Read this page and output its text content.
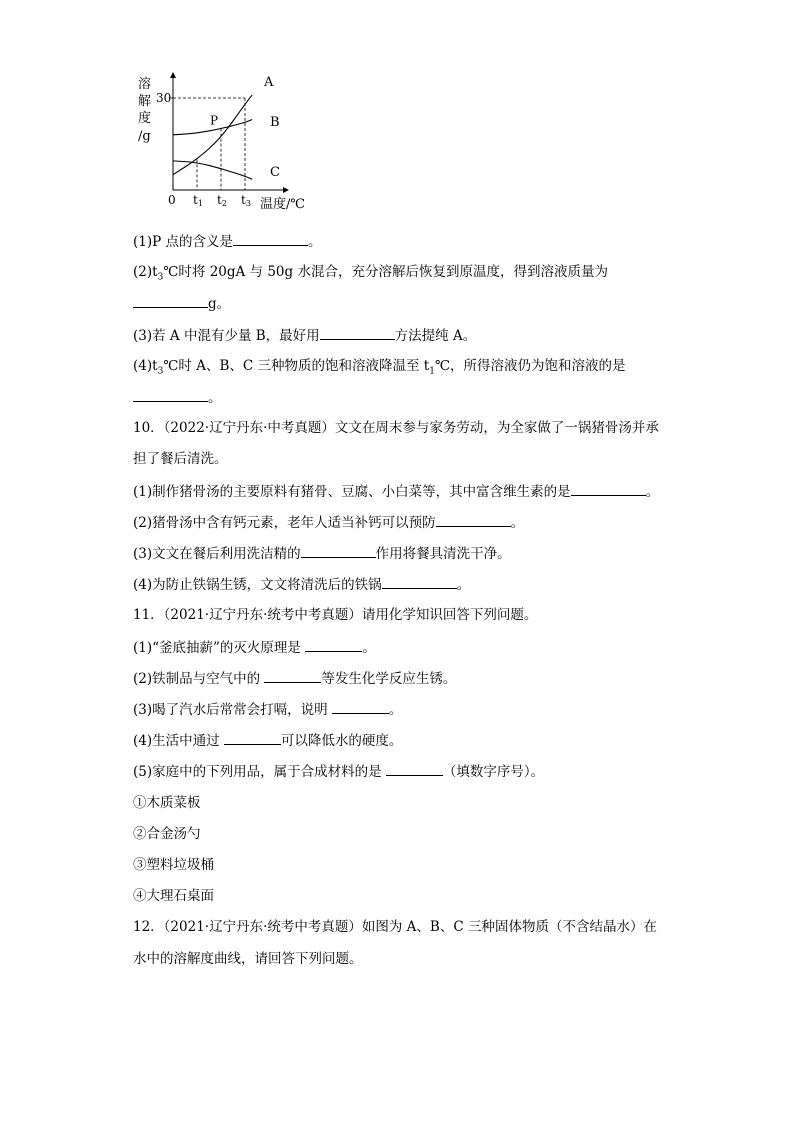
溶
解
度
/g
30
0	温度/℃
A
B
C
t1 t2 t3
P
(1)P 点的含义是	。
$(2)t_3℃$时将 20gA 与 50g 水混合，充分溶解后恢复到原温度，得到溶液质量为
g。
(3)若 A 中混有少量 B，最好用	方法提纯 A。
$(4)t_3℃$时 A、B、C 三种物质的饱和溶液降温至 $t_1℃$，所得溶液仍为饱和溶液的是
。
10．（2022·辽宁丹东·中考真题）文文在周末参与家务劳动，为全家做了一锅猪骨汤并承
担了餐后清洗。
(1)制作猪骨汤的主要原料有猪骨、豆腐、小白菜等，其中富含维生素的是	。
(2)猪骨汤中含有钙元素，老年人适当补钙可以预防	。
(3)文文在餐后利用洗洁精的	作用将餐具清洗干净。
(4)为防止铁锅生锈，文文将清洗后的铁锅	。
11．（2021·辽宁丹东·统考中考真题）请用化学知识回答下列问题。
(1)“釜底抽薪”的灭火原理是	。
(2)铁制品与空气中的	等发生化学反应生锈。
(3)喝了汽水后常常会打嗝，说明	。
(4)生活中通过	可以降低水的硬度。
(5)家庭中的下列用品，属于合成材料的是	（填数字序号）。
①木质菜板
②合金汤勺
③塑料垃圾桶
④大理石桌面
12．（2021·辽宁丹东·统考中考真题）如图为 A、B、C 三种固体物质（不含结晶水）在
水中的溶解度曲线，请回答下列问题。
